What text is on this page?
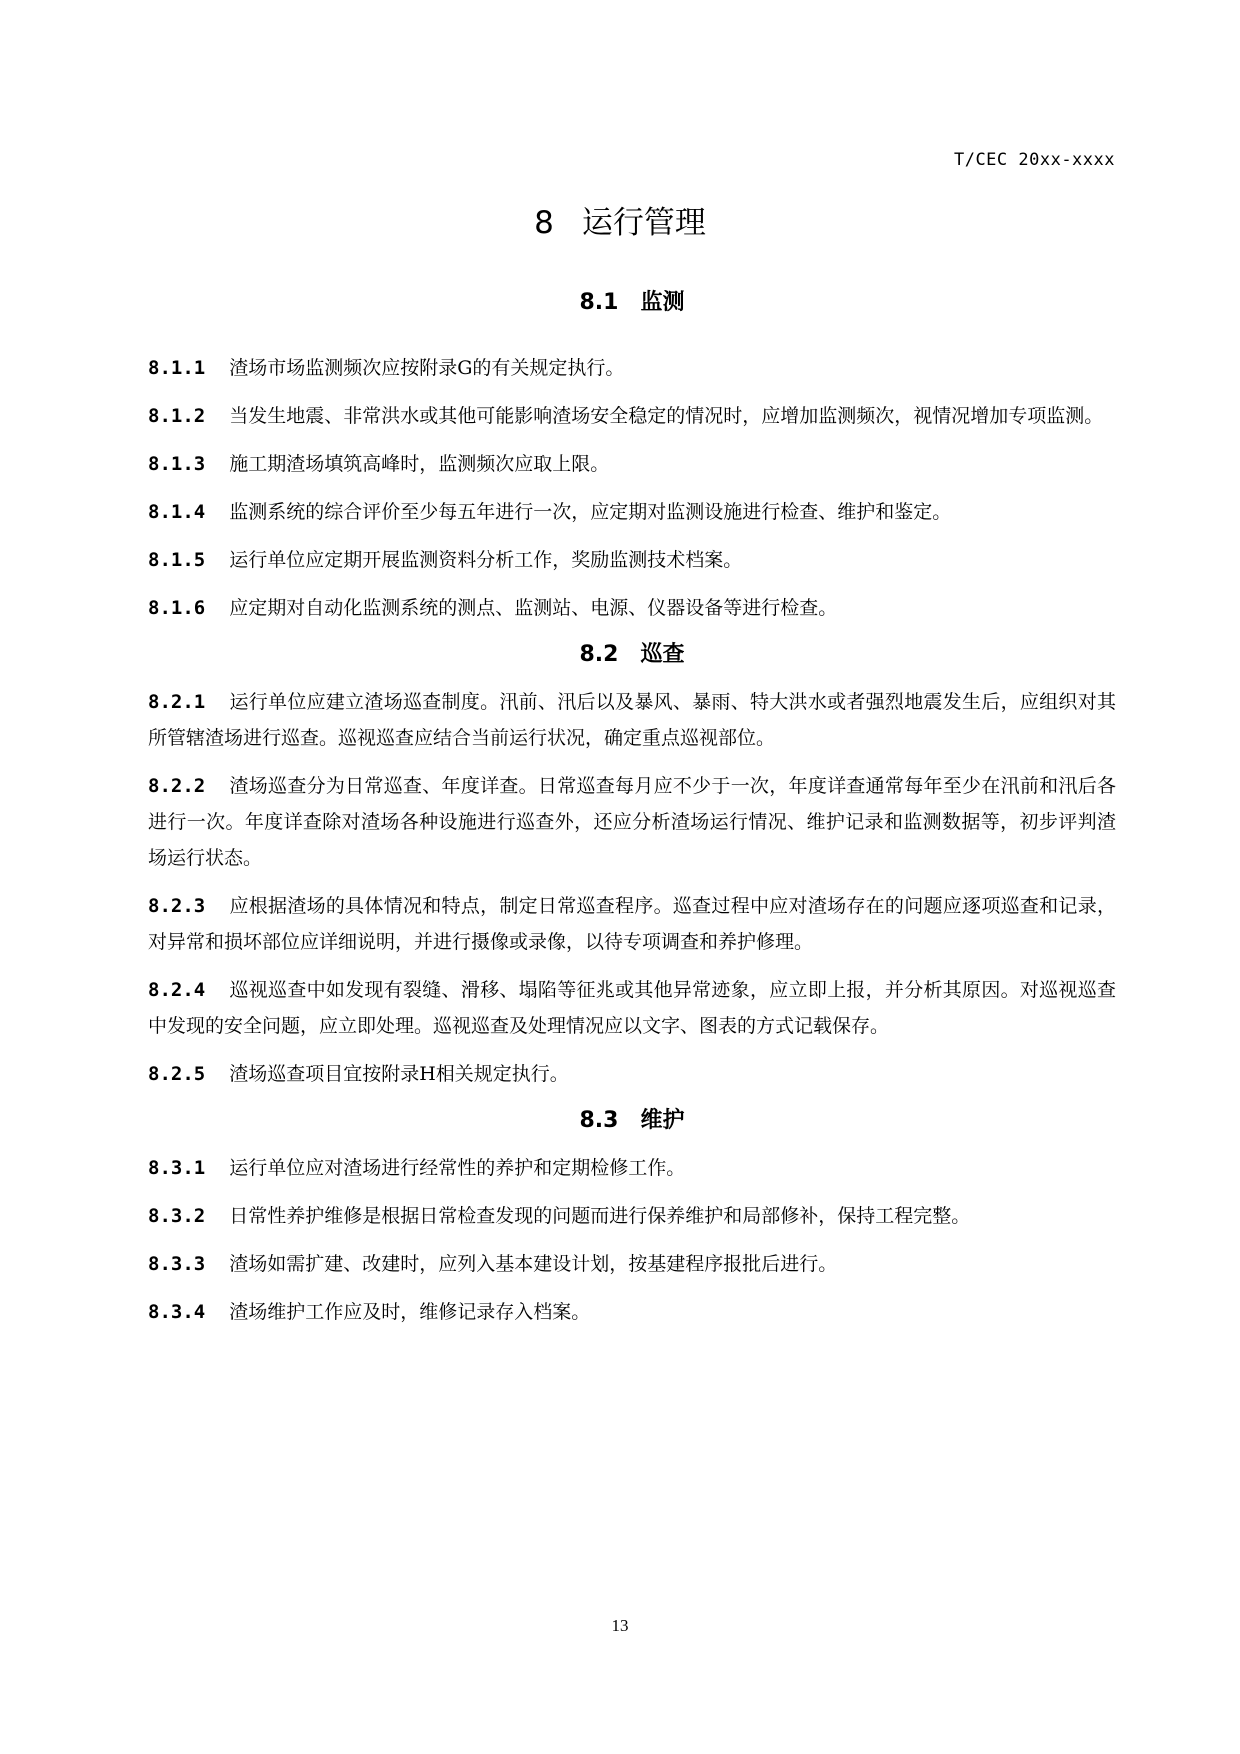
T/CEC 20xx-xxxx
8 运行管理
8.1 监测

8.1.1 渣场市场监测频次应按附录G的有关规定执行。

8.1.2 当发生地震、非常洪水或其他可能影响渣场安全稳定的情况时，应增加监测频次，视情况增加专项监测。

8.1.3 施工期渣场填筑高峰时，监测频次应取上限。

8.1.4 监测系统的综合评价至少每五年进行一次，应定期对监测设施进行检查、维护和鉴定。

8.1.5 运行单位应定期开展监测资料分析工作，奖励监测技术档案。

8.1.6 应定期对自动化监测系统的测点、监测站、电源、仪器设备等进行检查。

8.2 巡查

8.2.1 运行单位应建立渣场巡查制度。汛前、汛后以及暴风、暴雨、特大洪水或者强烈地震发生后，应组织对其所管辖渣场进行巡查。巡视巡查应结合当前运行状况，确定重点巡视部位。

8.2.2 渣场巡查分为日常巡查、年度详查。日常巡查每月应不少于一次，年度详查通常每年至少在汛前和汛后各进行一次。年度详查除对渣场各种设施进行巡查外，还应分析渣场运行情况、维护记录和监测数据等，初步评判渣场运行状态。

8.2.3 应根据渣场的具体情况和特点，制定日常巡查程序。巡查过程中应对渣场存在的问题应逐项巡查和记录，对异常和损坏部位应详细说明，并进行摄像或录像，以待专项调查和养护修理。

8.2.4 巡视巡查中如发现有裂缝、滑移、塌陷等征兆或其他异常迹象，应立即上报，并分析其原因。对巡视巡查中发现的安全问题，应立即处理。巡视巡查及处理情况应以文字、图表的方式记载保存。

8.2.5 渣场巡查项目宜按附录H相关规定执行。

8.3 维护

8.3.1 运行单位应对渣场进行经常性的养护和定期检修工作。

8.3.2 日常性养护维修是根据日常检查发现的问题而进行保养维护和局部修补，保持工程完整。

8.3.3 渣场如需扩建、改建时，应列入基本建设计划，按基建程序报批后进行。

8.3.4 渣场维护工作应及时，维修记录存入档案。

13
